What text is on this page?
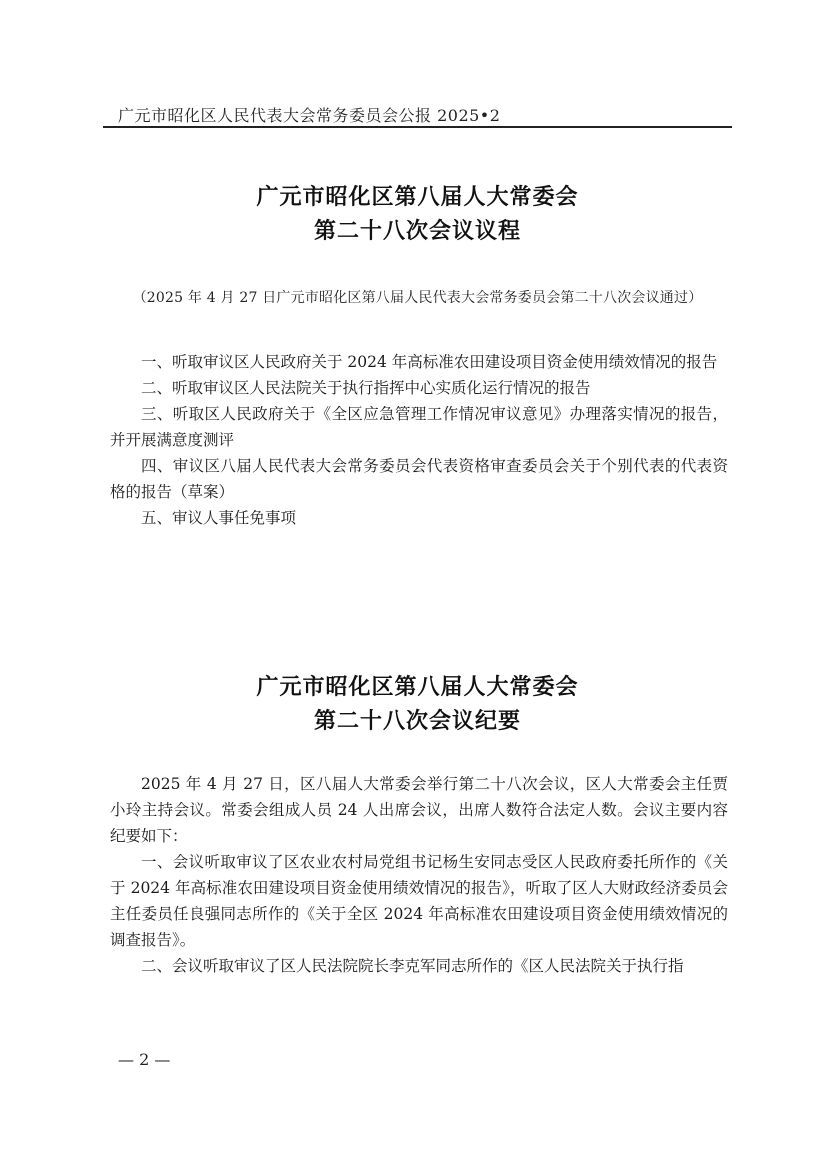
广元市昭化区人民代表大会常务委员会公报 2025•2
广元市昭化区第八届人大常委会
第二十八次会议议程
（2025 年 4 月 27 日广元市昭化区第八届人民代表大会常务委员会第二十八次会议通过）

一、听取审议区人民政府关于 2024 年高标准农田建设项目资金使用绩效情况的报告

二、听取审议区人民法院关于执行指挥中心实质化运行情况的报告

三、听取区人民政府关于《全区应急管理工作情况审议意见》办理落实情况的报告，并开展满意度测评

四、审议区八届人民代表大会常务委员会代表资格审查委员会关于个别代表的代表资格的报告（草案）

五、审议人事任免事项

广元市昭化区第八届人大常委会
第二十八次会议纪要

2025 年 4 月 27 日，区八届人大常委会举行第二十八次会议，区人大常委会主任贾小玲主持会议。常委会组成人员 24 人出席会议，出席人数符合法定人数。会议主要内容纪要如下：

一、会议听取审议了区农业农村局党组书记杨生安同志受区人民政府委托所作的《关于 2024 年高标准农田建设项目资金使用绩效情况的报告》，听取了区人大财政经济委员会主任委员任良强同志所作的《关于全区 2024 年高标准农田建设项目资金使用绩效情况的调查报告》。

二、会议听取审议了区人民法院院长李克军同志所作的《区人民法院关于执行指

— 2 —
